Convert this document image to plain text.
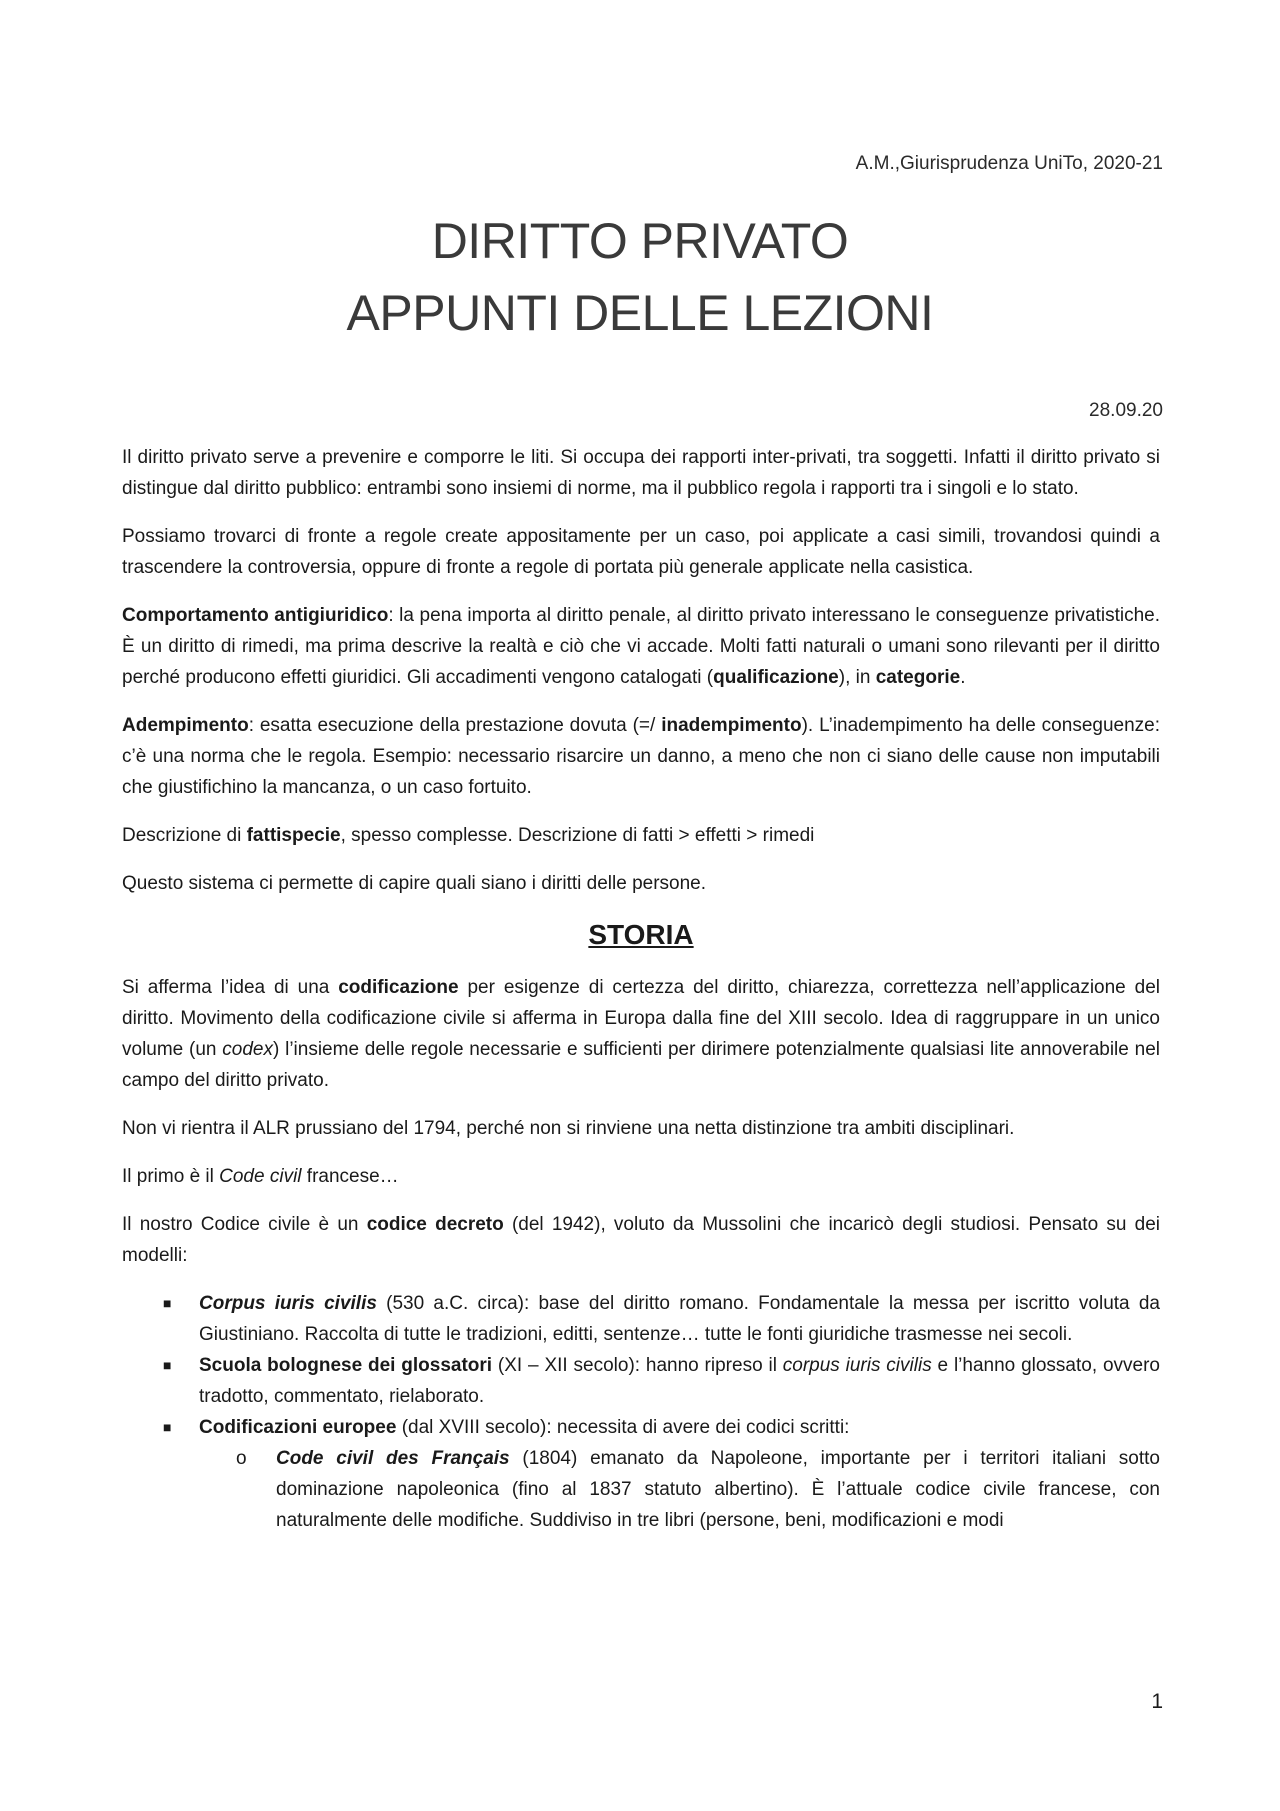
A.M.,Giurisprudenza UniTo, 2020-21
DIRITTO PRIVATO
APPUNTI DELLE LEZIONI
28.09.20

Il diritto privato serve a prevenire e comporre le liti. Si occupa dei rapporti inter-privati, tra soggetti. Infatti il diritto privato si distingue dal diritto pubblico: entrambi sono insiemi di norme, ma il pubblico regola i rapporti tra i singoli e lo stato.

Possiamo trovarci di fronte a regole create appositamente per un caso, poi applicate a casi simili, trovandosi quindi a trascendere la controversia, oppure di fronte a regole di portata più generale applicate nella casistica.

Comportamento antigiuridico: la pena importa al diritto penale, al diritto privato interessano le conseguenze privatistiche. È un diritto di rimedi, ma prima descrive la realtà e ciò che vi accade. Molti fatti naturali o umani sono rilevanti per il diritto perché producono effetti giuridici. Gli accadimenti vengono catalogati (qualificazione), in categorie.

Adempimento: esatta esecuzione della prestazione dovuta (=/ inadempimento). L’inadempimento ha delle conseguenze: c’è una norma che le regola. Esempio: necessario risarcire un danno, a meno che non ci siano delle cause non imputabili che giustifichino la mancanza, o un caso fortuito.

Descrizione di fattispecie, spesso complesse. Descrizione di fatti > effetti > rimedi

Questo sistema ci permette di capire quali siano i diritti delle persone.

STORIA

Si afferma l’idea di una codificazione per esigenze di certezza del diritto, chiarezza, correttezza nell’applicazione del diritto. Movimento della codificazione civile si afferma in Europa dalla fine del XIII secolo. Idea di raggruppare in un unico volume (un codex) l’insieme delle regole necessarie e sufficienti per dirimere potenzialmente qualsiasi lite annoverabile nel campo del diritto privato.

Non vi rientra il ALR prussiano del 1794, perché non si rinviene una netta distinzione tra ambiti disciplinari.

Il primo è il Code civil francese…

Il nostro Codice civile è un codice decreto (del 1942), voluto da Mussolini che incaricò degli studiosi. Pensato su dei modelli:

■ Corpus iuris civilis (530 a.C. circa): base del diritto romano. Fondamentale la messa per iscritto voluta da Giustiniano. Raccolta di tutte le tradizioni, editti, sentenze… tutte le fonti giuridiche trasmesse nei secoli.
■ Scuola bolognese dei glossatori (XI – XII secolo): hanno ripreso il corpus iuris civilis e l’hanno glossato, ovvero tradotto, commentato, rielaborato.
■ Codificazioni europee (dal XVIII secolo): necessita di avere dei codici scritti:
o Code civil des Français (1804) emanato da Napoleone, importante per i territori italiani sotto dominazione napoleonica (fino al 1837 statuto albertino). È l’attuale codice civile francese, con naturalmente delle modifiche. Suddiviso in tre libri (persone, beni, modificazioni e modi
1
